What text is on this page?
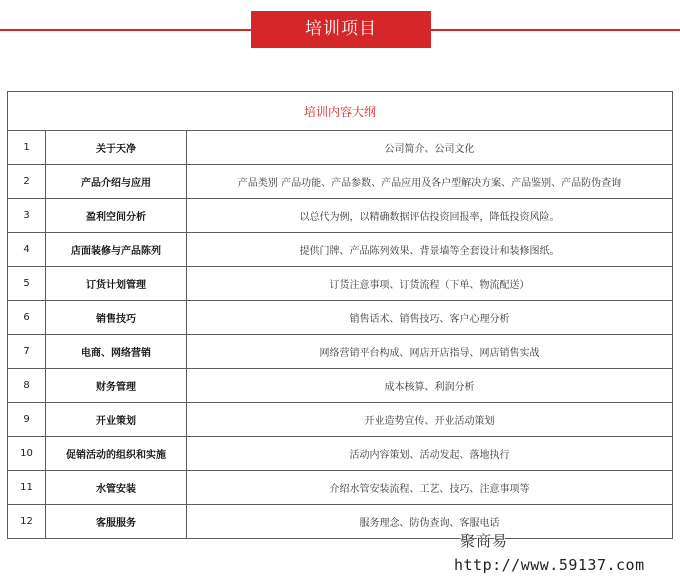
培训项目
培训内容大纲		
1	关于天净	公司简介、公司文化
2	产品介绍与应用	产品类别 产品功能、产品参数、产品应用及各户型解决方案、产品鉴别、产品防伪查询
3	盈利空间分析	以总代为例，以精确数据评估投资回报率，降低投资风险。
4	店面装修与产品陈列	提供门牌、产品陈列效果、背景墙等全套设计和装修图纸。
5	订货计划管理	订货注意事项、订货流程（下单、物流配送）
6	销售技巧	销售话术、销售技巧、客户心理分析
7	电商、网络营销	网络营销平台构成、网店开店指导、网店销售实战
8	财务管理	成本核算、利润分析
9	开业策划	开业造势宣传、开业活动策划
10	促销活动的组织和实施	活动内容策划、活动发起、落地执行
11	水管安装	介绍水管安装流程、工艺、技巧、注意事项等
12	客服服务	服务理念、防伪查询、客服电话
聚商易
http://www.59137.com
